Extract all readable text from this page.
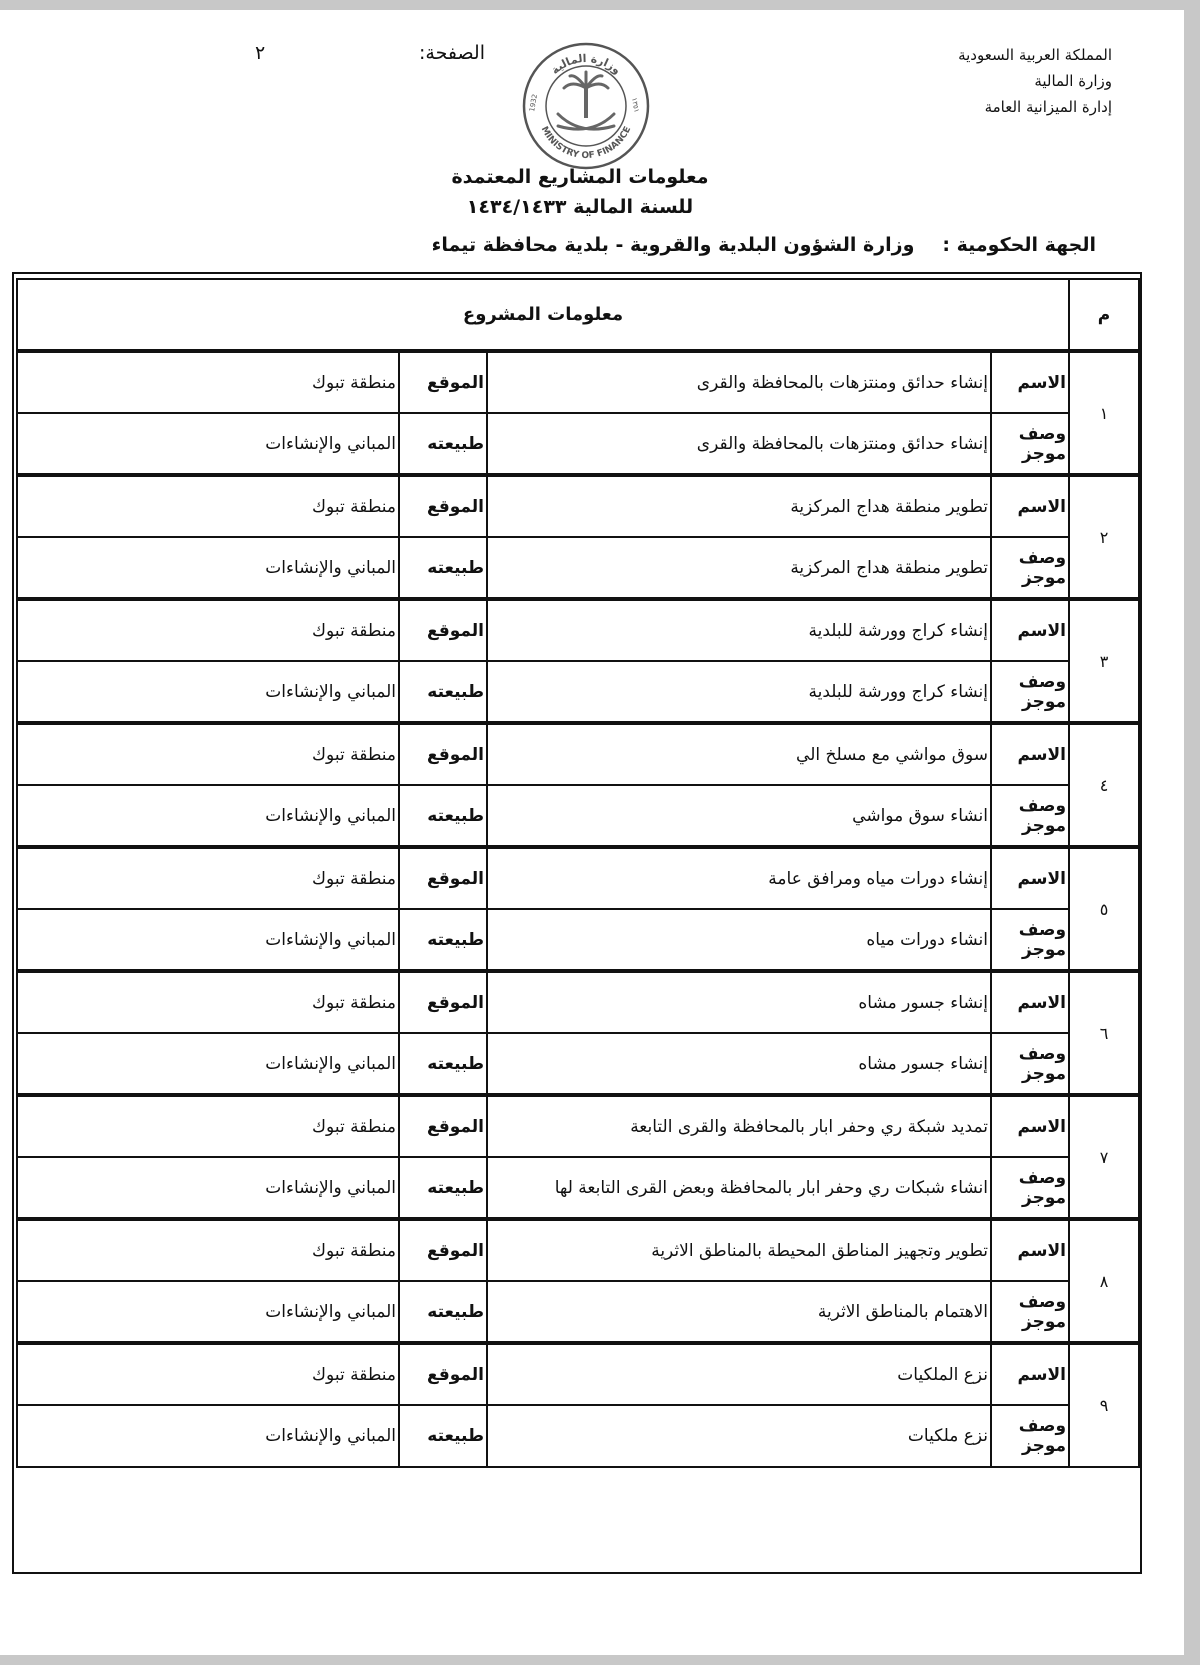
المملكة العربية السعودية
وزارة المالية
إدارة الميزانية العامة
الصفحة:
٢
وزارة المالية
MINISTRY OF FINANCE
1932	١٣٥١
معلومات المشاريع المعتمدة
للسنة المالية ١٤٣٤/١٤٣٣
الجهة الحكومية :وزارة الشؤون البلدية والقروية - بلدية محافظة تيماء
م	معلومات المشروع			
١	الاسم	إنشاء حدائق ومنتزهات بالمحافظة والقرى	الموقع	منطقة تبوك
	وصف موجز	إنشاء حدائق ومنتزهات بالمحافظة والقرى	طبيعته	المباني والإنشاءات
٢	الاسم	تطوير منطقة هداج المركزية	الموقع	منطقة تبوك
	وصف موجز	تطوير منطقة هداج المركزية	طبيعته	المباني والإنشاءات
٣	الاسم	إنشاء كراج وورشة للبلدية	الموقع	منطقة تبوك
	وصف موجز	إنشاء كراج وورشة للبلدية	طبيعته	المباني والإنشاءات
٤	الاسم	سوق مواشي مع مسلخ الي	الموقع	منطقة تبوك
	وصف موجز	انشاء سوق مواشي	طبيعته	المباني والإنشاءات
٥	الاسم	إنشاء دورات مياه ومرافق عامة	الموقع	منطقة تبوك
	وصف موجز	انشاء دورات مياه	طبيعته	المباني والإنشاءات
٦	الاسم	إنشاء جسور مشاه	الموقع	منطقة تبوك
	وصف موجز	إنشاء جسور مشاه	طبيعته	المباني والإنشاءات
٧	الاسم	تمديد شبكة ري وحفر ابار بالمحافظة والقرى التابعة	الموقع	منطقة تبوك
	وصف موجز	انشاء شبكات ري وحفر ابار بالمحافظة وبعض القرى التابعة لها	طبيعته	المباني والإنشاءات
٨	الاسم	تطوير وتجهيز المناطق المحيطة بالمناطق الاثرية	الموقع	منطقة تبوك
	وصف موجز	الاهتمام بالمناطق الاثرية	طبيعته	المباني والإنشاءات
٩	الاسم	نزع الملكيات	الموقع	منطقة تبوك
	وصف موجز	نزع ملكيات	طبيعته	المباني والإنشاءات
